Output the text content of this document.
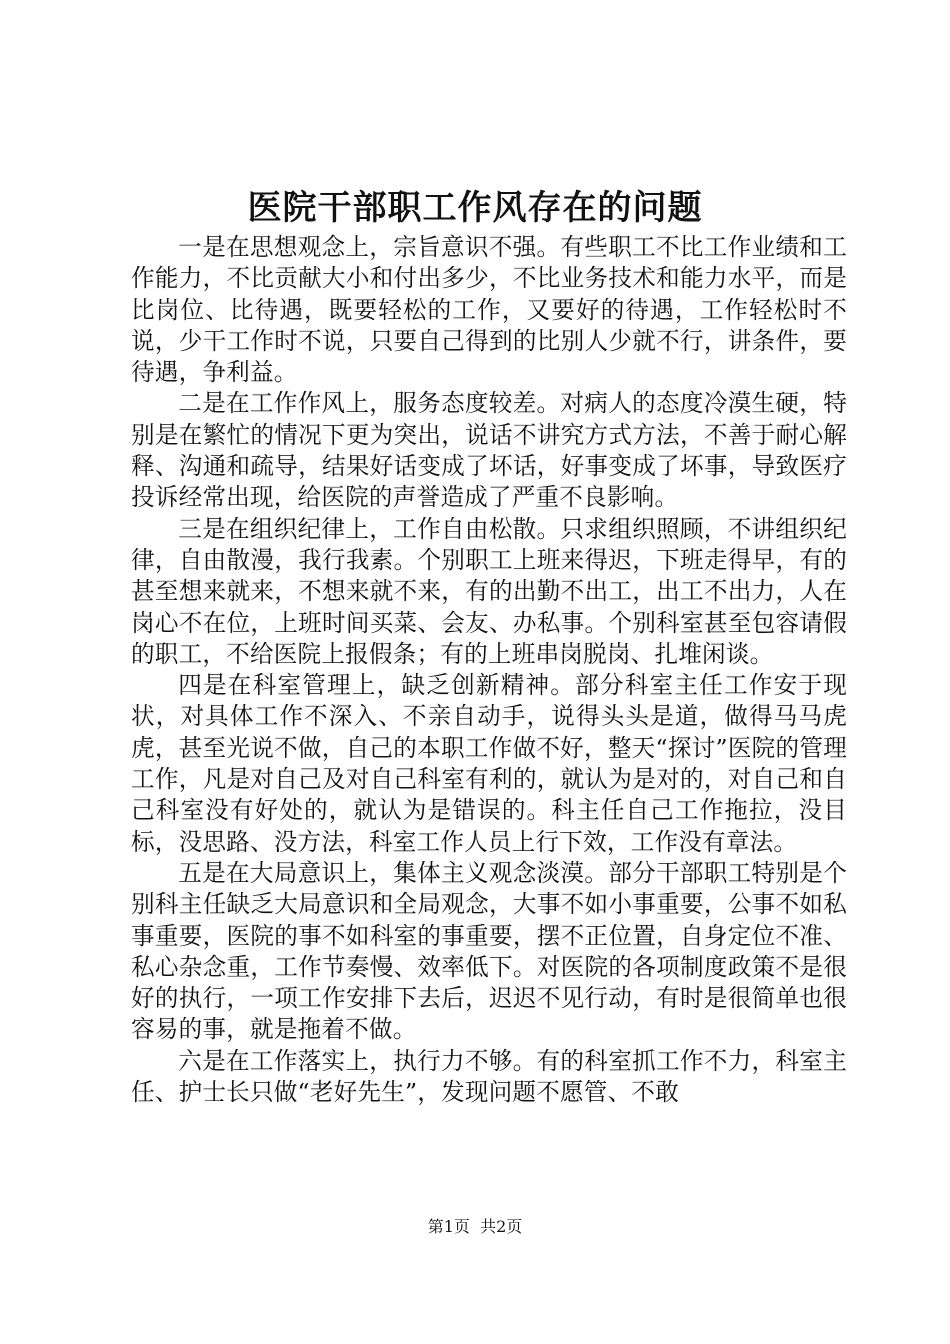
医院干部职工作风存在的问题

一是在思想观念上，宗旨意识不强。有些职工不比工作业绩和工作能力，不比贡献大小和付出多少，不比业务技术和能力水平，而是比岗位、比待遇，既要轻松的工作，又要好的待遇，工作轻松时不说，少干工作时不说，只要自己得到的比别人少就不行，讲条件，要待遇，争利益。

二是在工作作风上，服务态度较差。对病人的态度冷漠生硬，特别是在繁忙的情况下更为突出，说话不讲究方式方法，不善于耐心解释、沟通和疏导，结果好话变成了坏话，好事变成了坏事，导致医疗投诉经常出现，给医院的声誉造成了严重不良影响。

三是在组织纪律上，工作自由松散。只求组织照顾，不讲组织纪律，自由散漫，我行我素。个别职工上班来得迟，下班走得早，有的甚至想来就来，不想来就不来，有的出勤不出工，出工不出力，人在岗心不在位，上班时间买菜、会友、办私事。个别科室甚至包容请假的职工，不给医院上报假条；有的上班串岗脱岗、扎堆闲谈。

四是在科室管理上，缺乏创新精神。部分科室主任工作安于现状，对具体工作不深入、不亲自动手，说得头头是道，做得马马虎虎，甚至光说不做，自己的本职工作做不好，整天“探讨”医院的管理工作，凡是对自己及对自己科室有利的，就认为是对的，对自己和自己科室没有好处的，就认为是错误的。科主任自己工作拖拉，没目标，没思路、没方法，科室工作人员上行下效，工作没有章法。

五是在大局意识上，集体主义观念淡漠。部分干部职工特别是个别科主任缺乏大局意识和全局观念，大事不如小事重要，公事不如私事重要，医院的事不如科室的事重要，摆不正位置，自身定位不准、私心杂念重，工作节奏慢、效率低下。对医院的各项制度政策不是很好的执行，一项工作安排下去后，迟迟不见行动，有时是很简单也很容易的事，就是拖着不做。

六是在工作落实上，执行力不够。有的科室抓工作不力，科室主任、护士长只做“老好先生”，发现问题不愿管、不敢

第1页 共2页
